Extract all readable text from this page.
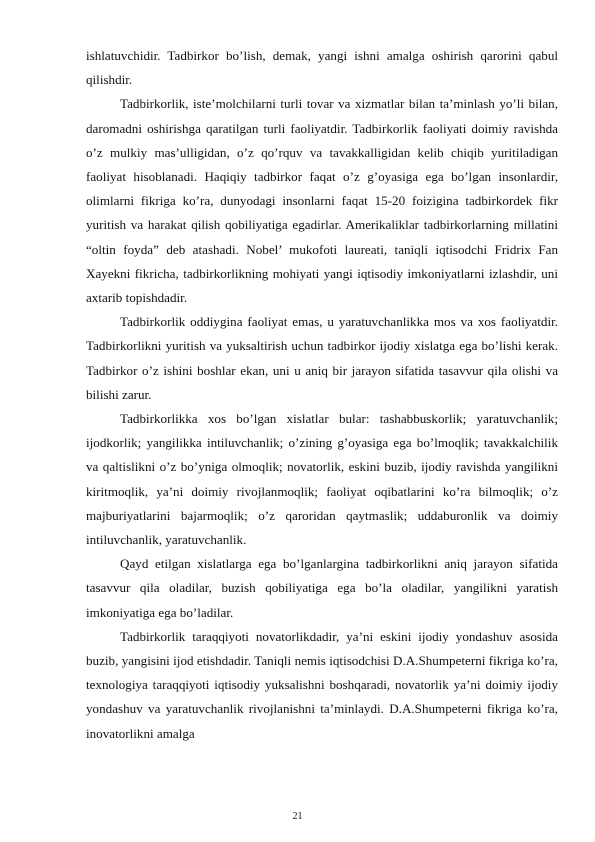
ishlatuvchidir. Tadbirkor bo’lish, demak, yangi ishni amalga oshirish qarorini qabul qilishdir.

Tadbirkorlik, iste’molchilarni turli tovar va xizmatlar bilan ta’minlash yo’li bilan, daromadni oshirishga qaratilgan turli faoliyatdir. Tadbirkorlik faoliyati doimiy ravishda o’z mulkiy mas’ulligidan, o’z qo’rquv va tavakkalligidan kelib chiqib yuritiladigan faoliyat hisoblanadi. Haqiqiy tadbirkor faqat o’z g’oyasiga ega bo’lgan insonlardir, olimlarni fikriga ko’ra, dunyodagi insonlarni faqat 15-20 foizigina tadbirkordek fikr yuritish va harakat qilish qobiliyatiga egadirlar. Amerikaliklar tadbirkorlarning millatini “oltin foyda” deb atashadi. Nobel’ mukofoti laureati, taniqli iqtisodchi Fridrix Fan Xayekni fikricha, tadbirkorlikning mohiyati yangi iqtisodiy imkoniyatlarni izlashdir, uni axtarib topishdadir.

Tadbirkorlik oddiygina faoliyat emas, u yaratuvchanlikka mos va xos faoliyatdir. Tadbirkorlikni yuritish va yuksaltirish uchun tadbirkor ijodiy xislatga ega bo’lishi kerak. Tadbirkor o’z ishini boshlar ekan, uni u aniq bir jarayon sifatida tasavvur qila olishi va bilishi zarur.

Tadbirkorlikka xos bo’lgan xislatlar bular: tashabbuskorlik; yaratuvchanlik; ijodkorlik; yangilikka intiluvchanlik; o’zining g’oyasiga ega bo’lmoqlik; tavakkalchilik va qaltislikni o’z bo’yniga olmoqlik; novatorlik, eskini buzib, ijodiy ravishda yangilikni kiritmoqlik, ya’ni doimiy rivojlanmoqlik; faoliyat oqibatlarini ko’ra bilmoqlik; o’z majburiyatlarini bajarmoqlik; o’z qaroridan qaytmaslik; uddaburonlik va doimiy intiluvchanlik, yaratuvchanlik.

Qayd etilgan xislatlarga ega bo’lganlargina tadbirkorlikni aniq jarayon sifatida tasavvur qila oladilar, buzish qobiliyatiga ega bo’la oladilar, yangilikni yaratish imkoniyatiga ega bo’ladilar.

Tadbirkorlik taraqqiyoti novatorlikdadir, ya’ni eskini ijodiy yondashuv asosida buzib, yangisini ijod etishdadir. Taniqli nemis iqtisodchisi D.A.Shumpeterni fikriga ko’ra, texnologiya taraqqiyoti iqtisodiy yuksalishni boshqaradi, novatorlik ya’ni doimiy ijodiy yondashuv va yaratuvchanlik rivojlanishni ta’minlaydi. D.A.Shumpeterni fikriga ko’ra, inovatorlikni amalga

21
